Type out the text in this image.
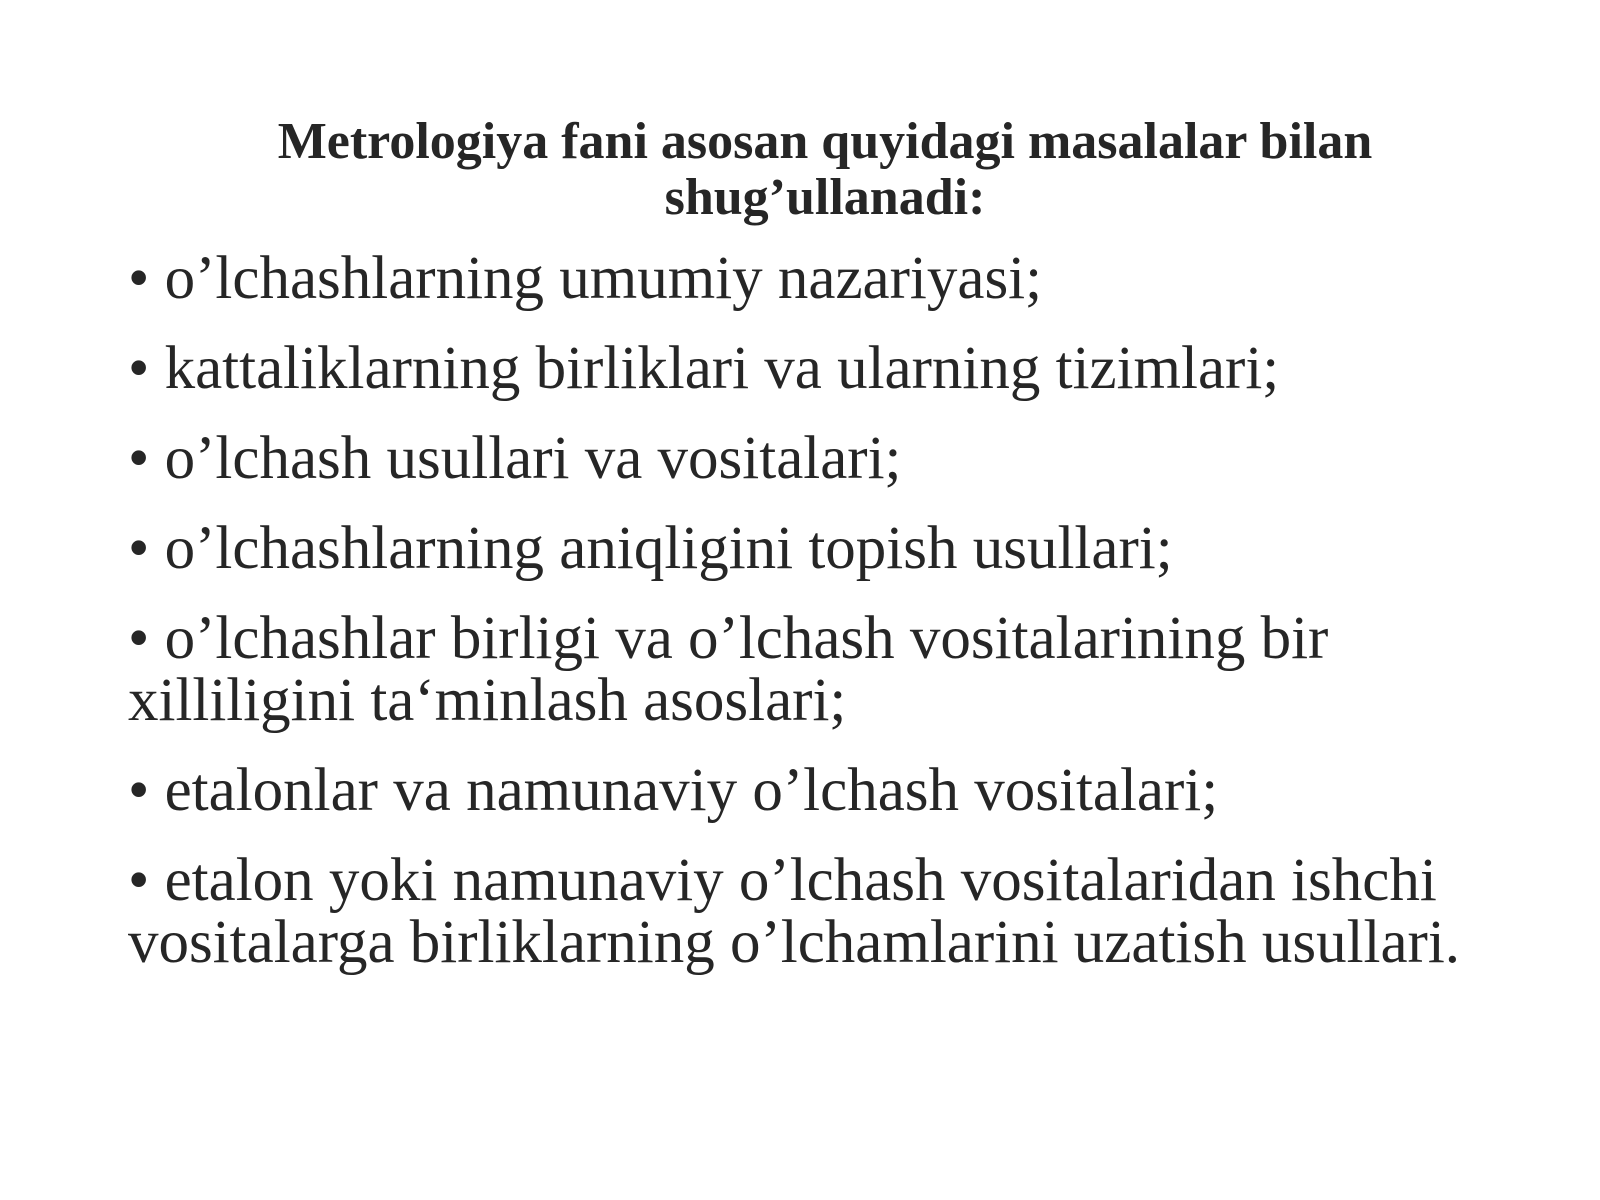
Metrologiya fani asosan quyidagi masalalar bilan shug’ullanadi:
• o’lchashlarning umumiy nazariyasi;
• kattaliklarning birliklari va ularning tizimlari;
• o’lchash usullari va vositalari;
• o’lchashlarning aniqligini topish usullari;
• o’lchashlar birligi va o’lchash vositalarining bir xilliligini ta‘minlash asoslari;
• etalonlar va namunaviy o’lchash vositalari;
• etalon yoki namunaviy o’lchash vositalaridan ishchi vositalarga birliklarning o’lchamlarini uzatish usullari.
